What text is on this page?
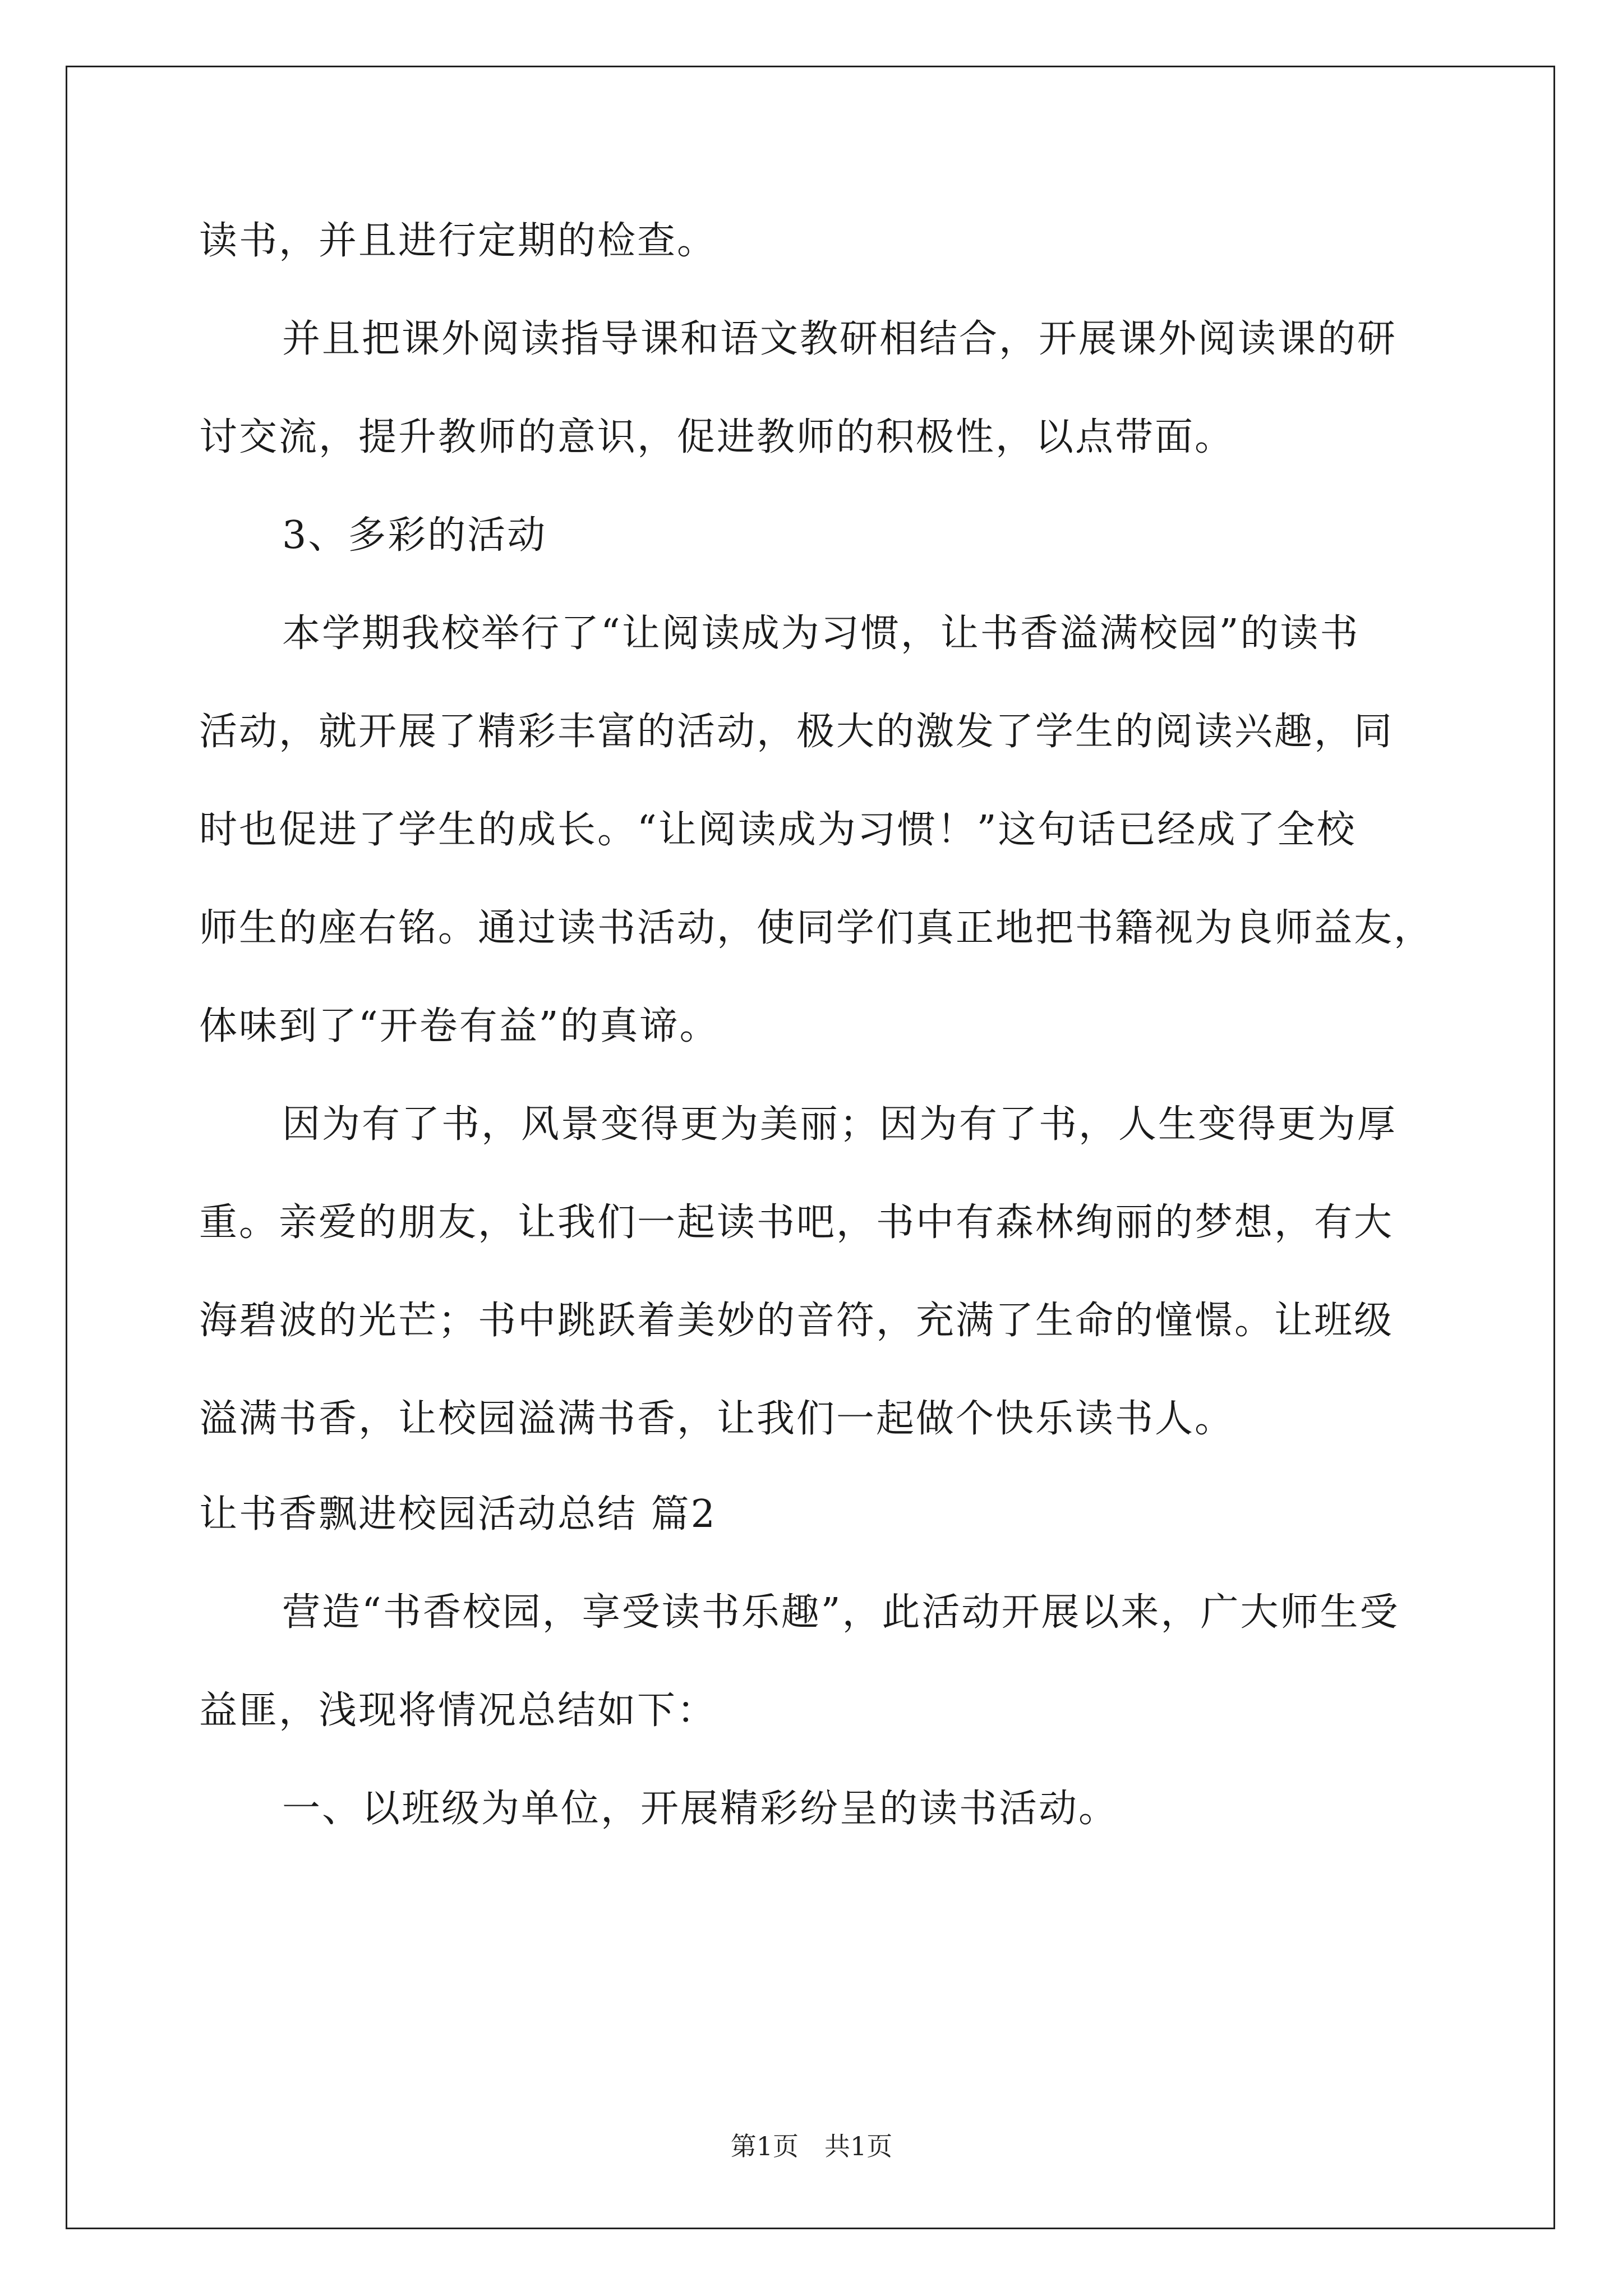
读书，并且进行定期的检查。
并且把课外阅读指导课和语文教研相结合，开展课外阅读课的研
讨交流，提升教师的意识，促进教师的积极性，以点带面。
3、多彩的活动
本学期我校举行了“让阅读成为习惯，让书香溢满校园”的读书
活动，就开展了精彩丰富的活动，极大的激发了学生的阅读兴趣，同
时也促进了学生的成长。“让阅读成为习惯！”这句话已经成了全校
师生的座右铭。通过读书活动，使同学们真正地把书籍视为良师益友，
体味到了“开卷有益”的真谛。
因为有了书，风景变得更为美丽；因为有了书，人生变得更为厚
重。亲爱的朋友，让我们一起读书吧，书中有森林绚丽的梦想，有大
海碧波的光芒；书中跳跃着美妙的音符，充满了生命的憧憬。让班级
溢满书香，让校园溢满书香，让我们一起做个快乐读书人。
让书香飘进校园活动总结 篇2
营造“书香校园，享受读书乐趣”，此活动开展以来，广大师生受
益匪，浅现将情况总结如下：
一、以班级为单位，开展精彩纷呈的读书活动。
第1页　共1页
